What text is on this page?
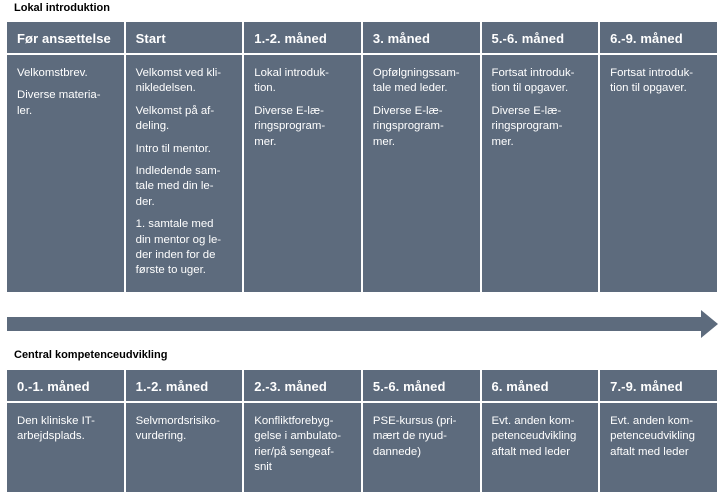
Lokal introduktion
Før ansættelse
Velkomstbrev.
Diverse materia-
ler.
Start
Velkomst ved kli-
nikledelsen.
Velkomst på af-
deling.
Intro til mentor.
Indledende sam-
tale med din le-
der.
1. samtale med
din mentor og le-
der inden for de
første to uger.
1.-2. måned
Lokal introduk-
tion.
Diverse E-læ-
ringsprogram-
mer.
3. måned
Opfølgningssam-
tale med leder.
Diverse E-læ-
ringsprogram-
mer.
5.-6. måned
Fortsat introduk-
tion til opgaver.
Diverse E-læ-
ringsprogram-
mer.
6.-9. måned
Fortsat introduk-
tion til opgaver.
Central kompetenceudvikling
0.-1. måned
Den kliniske IT-
arbejdsplads.
1.-2. måned
Selvmordsrisiko-
vurdering.
2.-3. måned
Konfliktforebyg-
gelse i ambulato-
rier/på sengeaf-
snit
5.-6. måned
PSE-kursus (pri-
mært de nyud-
dannede)
6. måned
Evt. anden kom-
petenceudvikling
aftalt med leder
7.-9. måned
Evt. anden kom-
petenceudvikling
aftalt med leder
